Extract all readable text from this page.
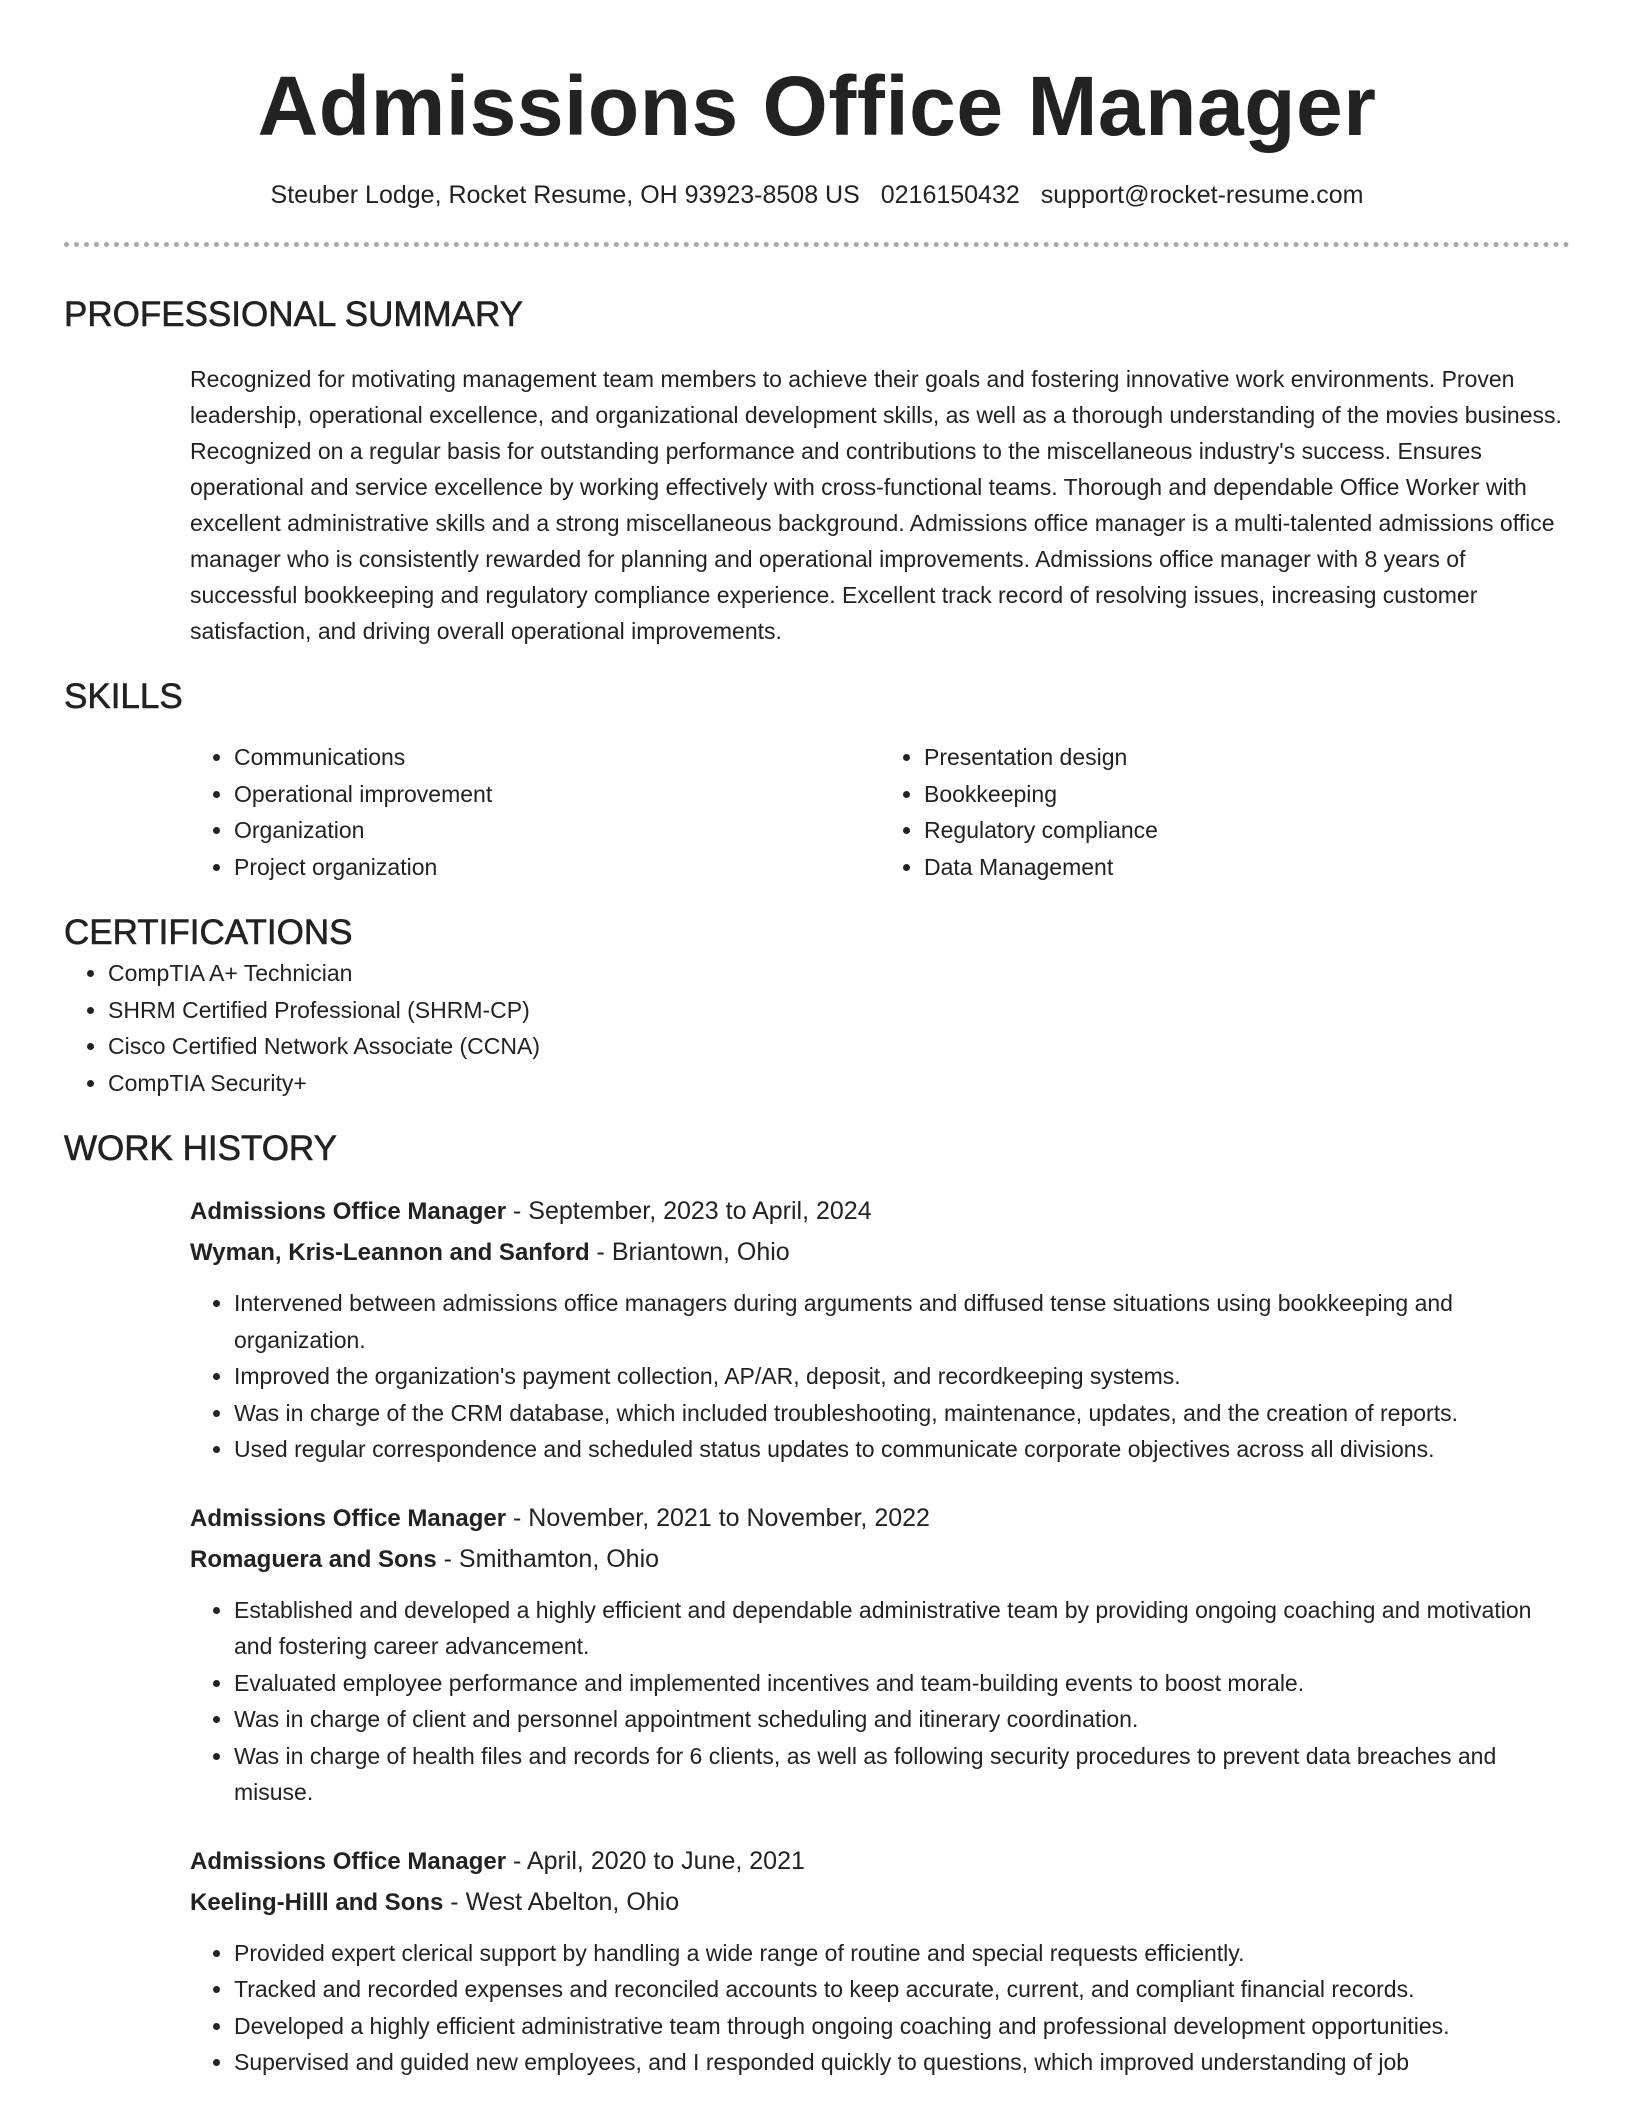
Admissions Office Manager
Steuber Lodge, Rocket Resume, OH 93923-8508 US 0216150432 support@rocket-resume.com
PROFESSIONAL SUMMARY

Recognized for motivating management team members to achieve their goals and fostering innovative work environments. Proven leadership, operational excellence, and organizational development skills, as well as a thorough understanding of the movies business. Recognized on a regular basis for outstanding performance and contributions to the miscellaneous industry's success. Ensures operational and service excellence by working effectively with cross-functional teams. Thorough and dependable Office Worker with excellent administrative skills and a strong miscellaneous background. Admissions office manager is a multi-talented admissions office manager who is consistently rewarded for planning and operational improvements. Admissions office manager with 8 years of successful bookkeeping and regulatory compliance experience. Excellent track record of resolving issues, increasing customer satisfaction, and driving overall operational improvements.

SKILLS
• Communications
• Operational improvement
• Organization
• Project organization
• Presentation design
• Bookkeeping
• Regulatory compliance
• Data Management
CERTIFICATIONS
• CompTIA A+ Technician
• SHRM Certified Professional (SHRM-CP)
• Cisco Certified Network Associate (CCNA)
• CompTIA Security+
WORK HISTORY
Admissions Office Manager - September, 2023 to April, 2024
Wyman, Kris-Leannon and Sanford - Briantown, Ohio
• Intervened between admissions office managers during arguments and diffused tense situations using bookkeeping and organization.
• Improved the organization's payment collection, AP/AR, deposit, and recordkeeping systems.
• Was in charge of the CRM database, which included troubleshooting, maintenance, updates, and the creation of reports.
• Used regular correspondence and scheduled status updates to communicate corporate objectives across all divisions.
Admissions Office Manager - November, 2021 to November, 2022
Romaguera and Sons - Smithamton, Ohio
• Established and developed a highly efficient and dependable administrative team by providing ongoing coaching and motivation and fostering career advancement.
• Evaluated employee performance and implemented incentives and team-building events to boost morale.
• Was in charge of client and personnel appointment scheduling and itinerary coordination.
• Was in charge of health files and records for 6 clients, as well as following security procedures to prevent data breaches and misuse.
Admissions Office Manager - April, 2020 to June, 2021
Keeling-Hilll and Sons - West Abelton, Ohio
• Provided expert clerical support by handling a wide range of routine and special requests efficiently.
• Tracked and recorded expenses and reconciled accounts to keep accurate, current, and compliant financial records.
• Developed a highly efficient administrative team through ongoing coaching and professional development opportunities.
• Supervised and guided new employees, and I responded quickly to questions, which improved understanding of job
